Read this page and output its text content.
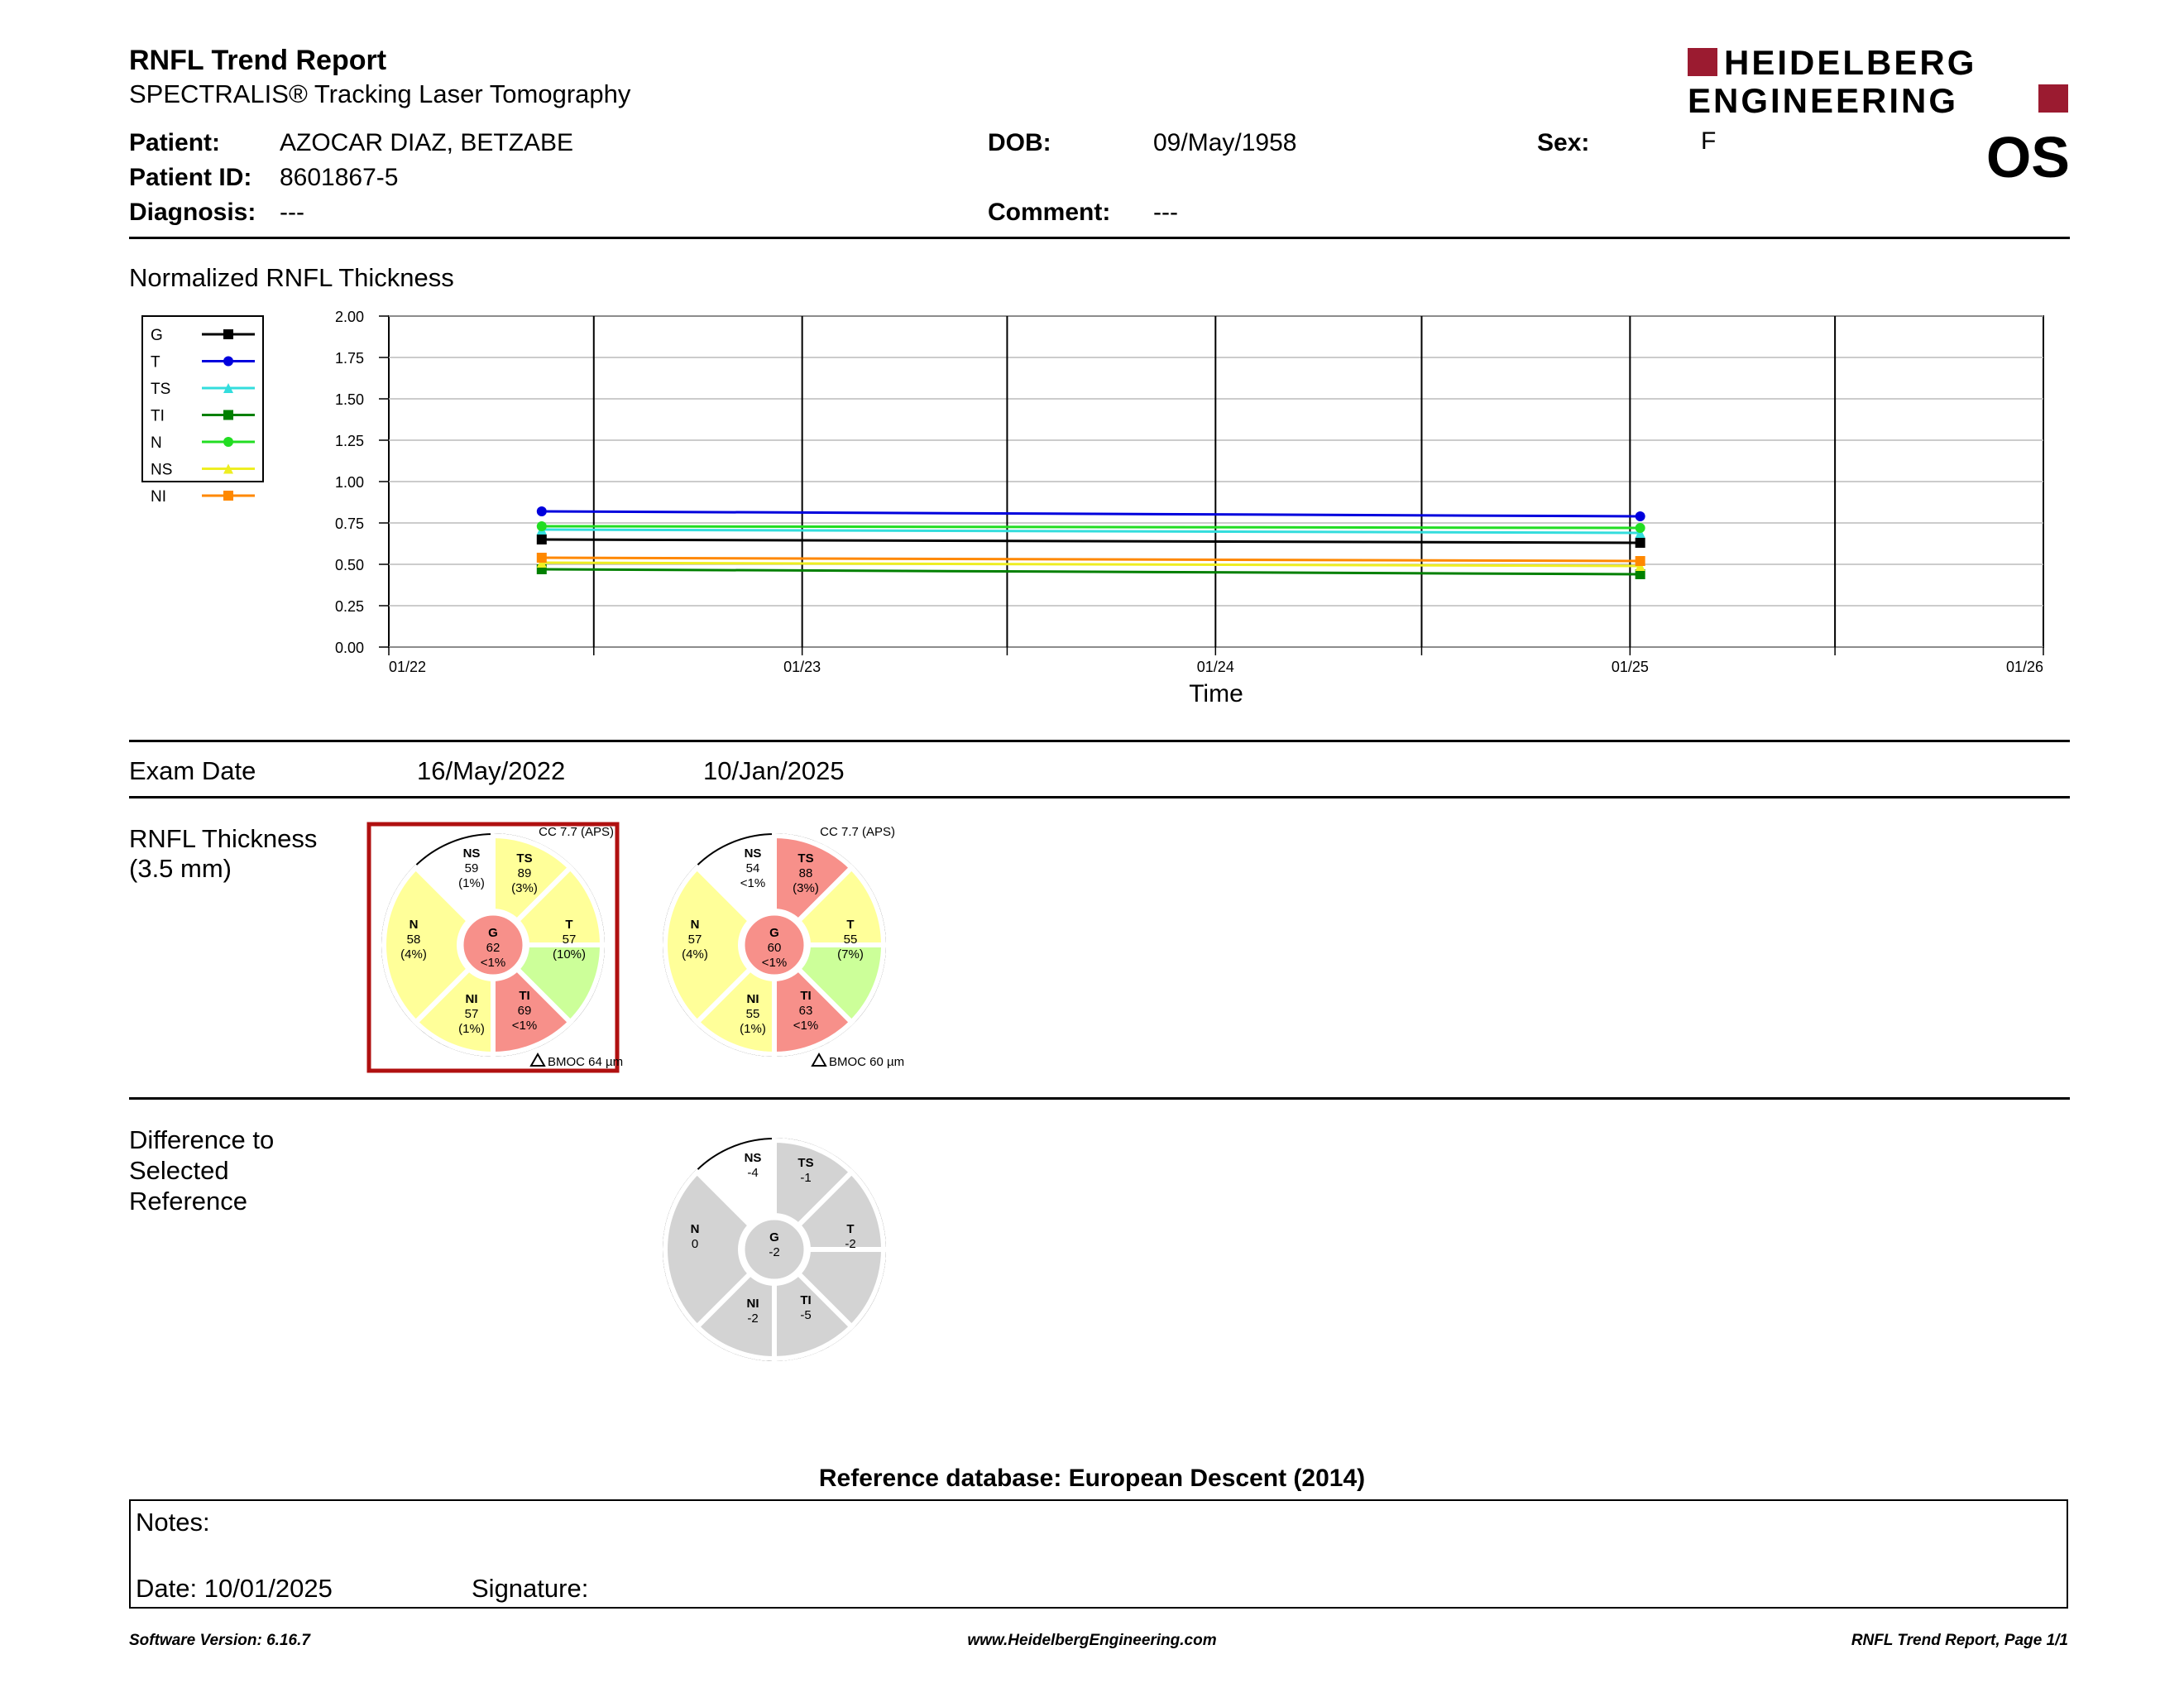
RNFL Trend Report
SPECTRALIS® Tracking Laser Tomography
HEIDELBERG
ENGINEERING
OS
Patient: AZOCAR DIAZ, BETZABE
Patient ID: 8601867-5
Diagnosis: ---
DOB:	09/May/1958
Comment: ---
Sex:	F
Normalized RNFL Thickness
0.00
0.25
0.50
0.75
1.00
1.25
1.50
1.75
2.00
01/22	01/23	01/24	01/25	01/26
Time
G
T
TS
TI
N
NS
NI
Exam Date	16/May/2022	10/Jan/2025
RNFL Thickness
(3.5 mm)
NS
59
(1%)
TS
89
(3%)
T
57
(10%)
TI
69
<1%
NI
57
(1%)
N
58
(4%)
G
62
<1%
CC 7.7 (APS)
BMOC 64 µm
NS
54
<1%
TS
88
(3%)
T
55
(7%)
TI
63
<1%
NI
55
(1%)
N
57
(4%)
G
60
<1%
CC 7.7 (APS)
BMOC 60 µm
Difference to
Selected
Reference
NS
-4
TS
-1
T
-2
TI
-5
NI
-2
N
0	G
-2
Reference database: European Descent (2014)
Notes:
Date: 10/01/2025	Signature:
Software Version: 6.16.7	www.HeidelbergEngineering.com	RNFL Trend Report, Page 1/1
